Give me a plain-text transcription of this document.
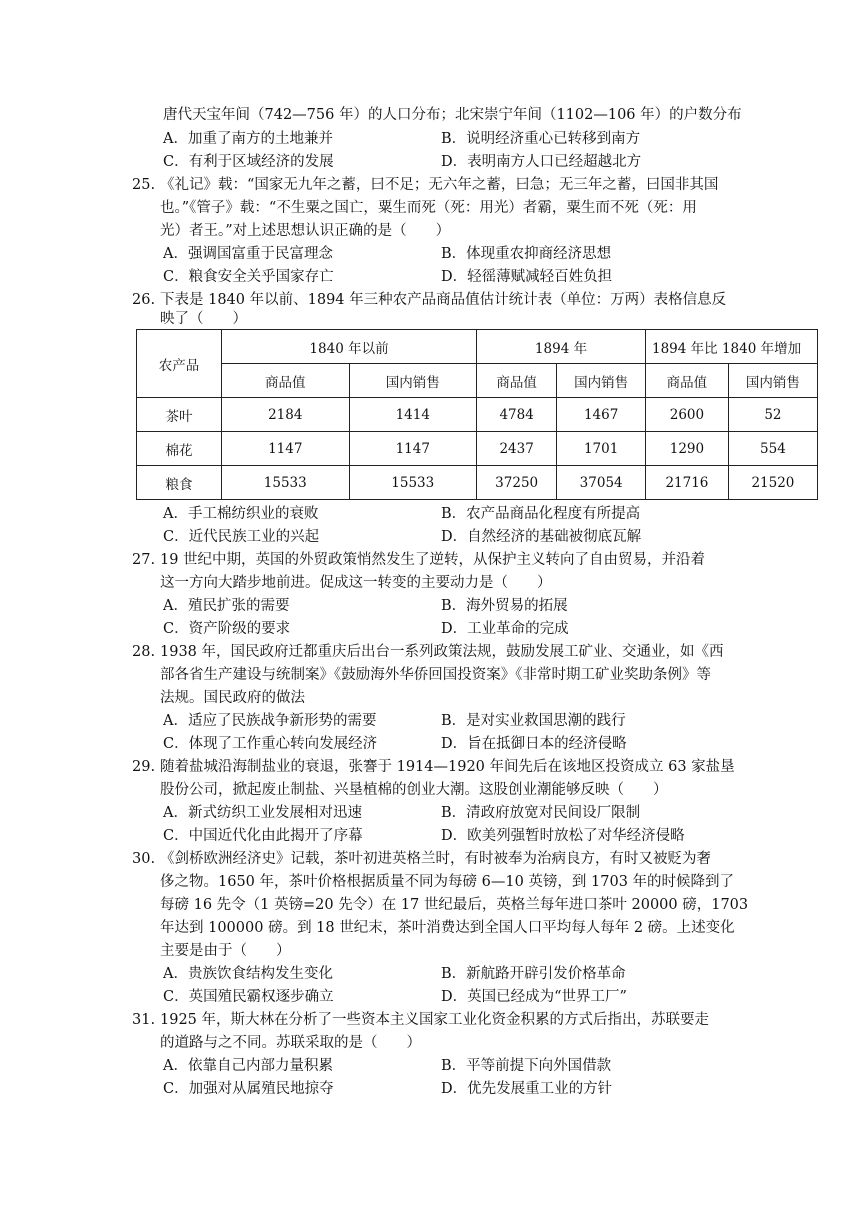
唐代天宝年间（742—756 年）的人口分布；北宋崇宁年间（1102—106 年）的户数分布
A．加重了南方的土地兼并	B．说明经济重心已转移到南方
C．有利于区域经济的发展	D．表明南方人口已经超越北方
25. 《礼记》载：“国家无九年之蓄，曰不足；无六年之蓄，曰急；无三年之蓄，曰国非其国
也。”《管子》载：“不生粟之国亡，粟生而死（死：用光）者霸，粟生而不死（死：用
光）者王。”对上述思想认识正确的是（　　）
A．强调国富重于民富理念	B．体现重农抑商经济思想
C．粮食安全关乎国家存亡	D．轻徭薄赋减轻百姓负担
26. 下表是 1840 年以前、1894 年三种农产品商品值估计统计表（单位：万两）表格信息反
映了（　　）
农产品	1840 年以前		1894 年		1894 年比 1840 年增加	
	商品值	国内销售	商品值	国内销售	商品值	国内销售
茶叶	2184	1414	4784	1467	2600	52
棉花	1147	1147	2437	1701	1290	554
粮食	15533	15533	37250	37054	21716	21520
A．手工棉纺织业的衰败	B．农产品商品化程度有所提高
C．近代民族工业的兴起	D．自然经济的基础被彻底瓦解
27. 19 世纪中期，英国的外贸政策悄然发生了逆转，从保护主义转向了自由贸易，并沿着
这一方向大踏步地前进。促成这一转变的主要动力是（　　）
A．殖民扩张的需要	B．海外贸易的拓展
C．资产阶级的要求	D．工业革命的完成
28. 1938 年，国民政府迁都重庆后出台一系列政策法规，鼓励发展工矿业、交通业，如《西
部各省生产建设与统制案》《鼓励海外华侨回国投资案》《非常时期工矿业奖助条例》等
法规。国民政府的做法
A．适应了民族战争新形势的需要	B．是对实业救国思潮的践行
C．体现了工作重心转向发展经济	D．旨在抵御日本的经济侵略
29. 随着盐城沿海制盐业的衰退，张謇于 1914—1920 年间先后在该地区投资成立 63 家盐垦
股份公司，掀起废止制盐、兴垦植棉的创业大潮。这股创业潮能够反映（　　）
A．新式纺织工业发展相对迅速	B．清政府放宽对民间设厂限制
C．中国近代化由此揭开了序幕	D．欧美列强暂时放松了对华经济侵略
30. 《剑桥欧洲经济史》记载，茶叶初进英格兰时，有时被奉为治病良方，有时又被贬为奢
侈之物。1650 年，茶叶价格根据质量不同为每磅 6—10 英镑，到 1703 年的时候降到了
每磅 16 先令（1 英镑=20 先令）在 17 世纪最后，英格兰每年进口茶叶 20000 磅，1703
年达到 100000 磅。到 18 世纪末，茶叶消费达到全国人口平均每人每年 2 磅。上述变化
主要是由于（　　）
A．贵族饮食结构发生变化	B．新航路开辟引发价格革命
C．英国殖民霸权逐步确立	D．英国已经成为“世界工厂”
31. 1925 年，斯大林在分析了一些资本主义国家工业化资金积累的方式后指出，苏联要走
的道路与之不同。苏联采取的是（　　）
A．依靠自己内部力量积累	B．平等前提下向外国借款
C．加强对从属殖民地掠夺	D．优先发展重工业的方针
